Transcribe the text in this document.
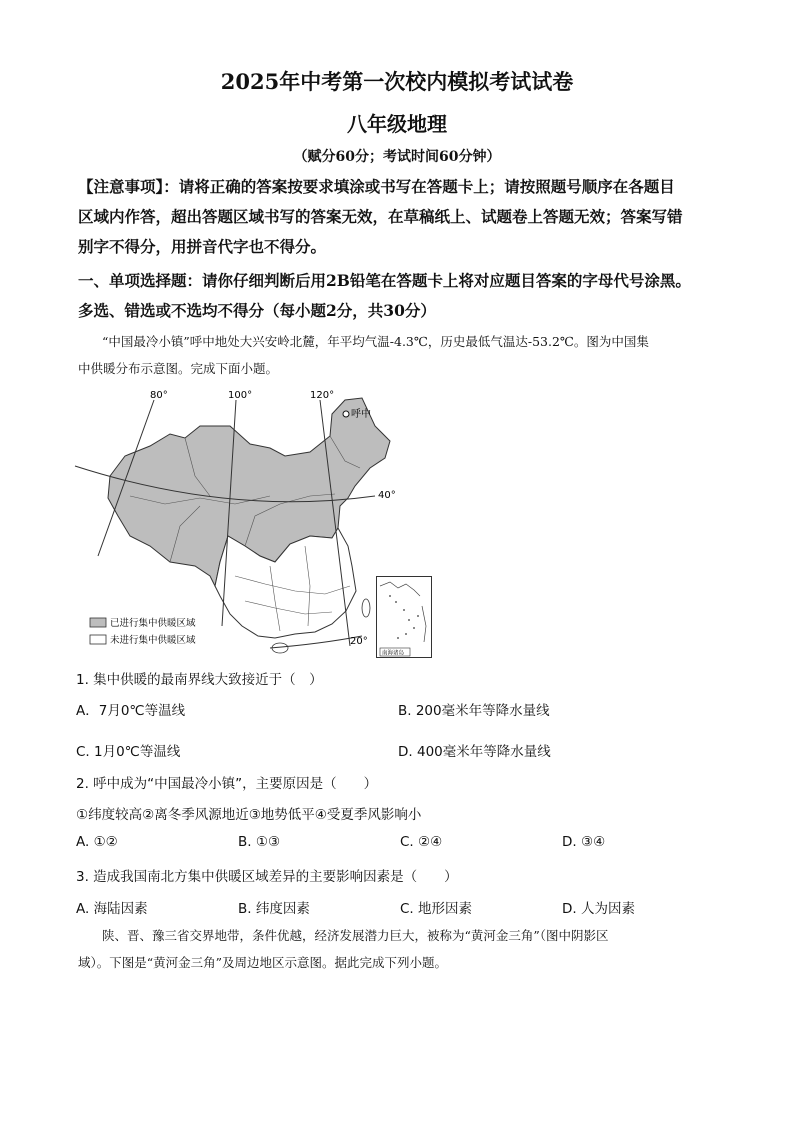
2025年中考第一次校内模拟考试试卷
八年级地理
（赋分60分；考试时间60分钟）
【注意事项】：请将正确的答案按要求填涂或书写在答题卡上；请按照题号顺序在各题目
区域内作答，超出答题区域书写的答案无效，在草稿纸上、试题卷上答题无效；答案写错
别字不得分，用拼音代字也不得分。
一、单项选择题：请你仔细判断后用2B铅笔在答题卡上将对应题目答案的字母代号涂黑。
多选、错选或不选均不得分（每小题2分，共30分）
“中国最冷小镇”呼中地处大兴安岭北麓，年平均气温-4.3℃，历史最低气温达-53.2℃。图为中国集
中供暖分布示意图。完成下面小题。
80°	100°	120°
40°
20°
呼中
已进行集中供暖区域
未进行集中供暖区域
南海诸岛
1. 集中供暖的最南界线大致接近于（　）
A．7月0℃等温线	B. 200毫米年等降水量线
C. 1月0℃等温线	D. 400毫米年等降水量线
2. 呼中成为“中国最冷小镇”，主要原因是（　　）
①纬度较高②离冬季风源地近③地势低平④受夏季风影响小
A. ①②	B. ①③	C. ②④	D. ③④
3. 造成我国南北方集中供暖区域差异的主要影响因素是（　　）
A. 海陆因素	B. 纬度因素	C. 地形因素	D. 人为因素
陕、晋、豫三省交界地带，条件优越，经济发展潜力巨大，被称为“黄河金三角”（图中阴影区
域）。下图是“黄河金三角”及周边地区示意图。据此完成下列小题。
